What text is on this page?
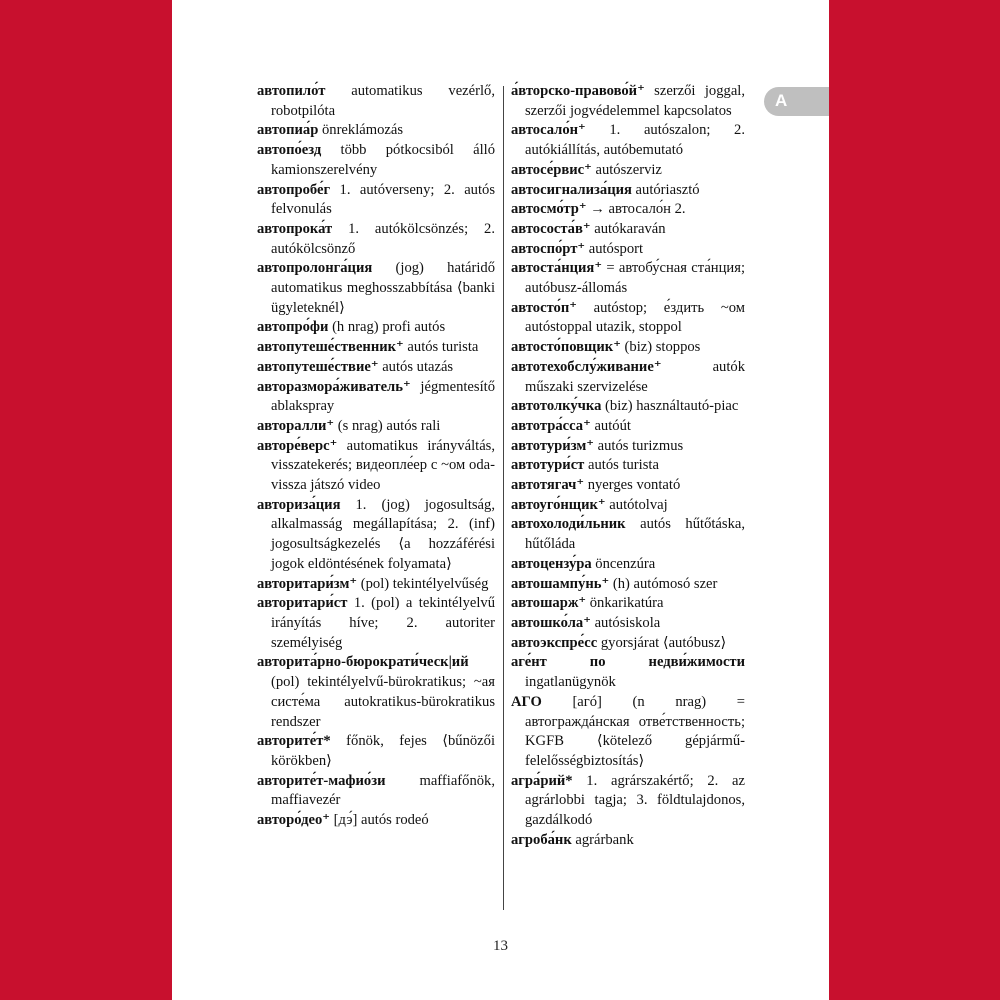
автопило́т automatikus vezérlő, robotpilóta

автопиа́р önreklámozás

автопо́езд több pótkocsiból álló kamionszerelvény

автопробе́г 1. autóverseny; 2. autós felvonulás

автопрока́т 1. autókölcsönzés; 2. autókölcsönző

автопролонга́ция (jog) határidő automatikus meghosszabbítása ⟨banki ügyleteknél⟩

автопро́фи (h nrag) profi autós

автопутеше́ственник⁺ autós turista

автопутеше́ствие⁺ autós utazás

авторазмора́живатель⁺ jégmentesítő ablakspray

авторалли⁺ (s nrag) autós rali

авторе́верс⁺ automatikus irányváltás, visszatekerés; видеопле́ер с ~ом oda-vissza játszó video

авториза́ция 1. (jog) jogosultság, alkalmasság megállapítása; 2. (inf) jogosultságkezelés ⟨a hozzáférési jogok eldöntésének folyamata⟩

авторитари́зм⁺ (pol) tekintélyelvűség

авторитари́ст 1. (pol) a tekintélyelvű irányítás híve; 2. autoriter személyiség

авторита́рно-бюрократи́ческ|ий (pol) tekintélyelvű-bürokratikus; ~ая систе́ма autokratikus-bürokratikus rendszer

авторите́т* főnök, fejes ⟨bűnözői körökben⟩

авторите́т-мафио́зи maffiafőnök, maffiavezér

авторо́део⁺ [дэ́] autós rodeó

а́вторско-правово́й⁺ szerzői joggal, szerzői jogvédelemmel kapcsolatos

автосало́н⁺ 1. autószalon; 2. autókiállítás, autóbemutató

автосе́рвис⁺ autószerviz

автосигнализа́ция autóriasztó

автосмо́тр⁺ → автосало́н 2.

автососта́в⁺ autókaraván

автоспо́рт⁺ autósport

автоста́нция⁺ = автобу́сная ста́нция; autóbusz-állomás

автосто́п⁺ autóstop; е́здить ~ом autóstoppal utazik, stoppol

автосто́повщик⁺ (biz) stoppos

автотехобслу́живание⁺ autók műszaki szervizelése

автотолку́чка (biz) használtautó-piac

автотра́сса⁺ autóút

автотури́зм⁺ autós turizmus

автотури́ст autós turista

автотягач⁺ nyerges vontató

автоуго́нщик⁺ autótolvaj

автохолоди́льник autós hűtőtáska, hűtőláda

автоцензу́ра öncenzúra

автошампу́нь⁺ (h) autómosó szer

автошарж⁺ önkarikatúra

автошко́ла⁺ autósiskola

автоэкспре́сс gyorsjárat ⟨autóbusz⟩

аге́нт по недви́жимости ingatlanügynök

АГО [агó] (n nrag) = автограждáнская отве́тственность; KGFB ⟨kötelező gépjármű-felelősségbiztosítás⟩

агра́рий* 1. agrárszakértő; 2. az agrárlobbi tagja; 3. földtulajdonos, gazdálkodó

агроба́нк agrárbank

A
13
